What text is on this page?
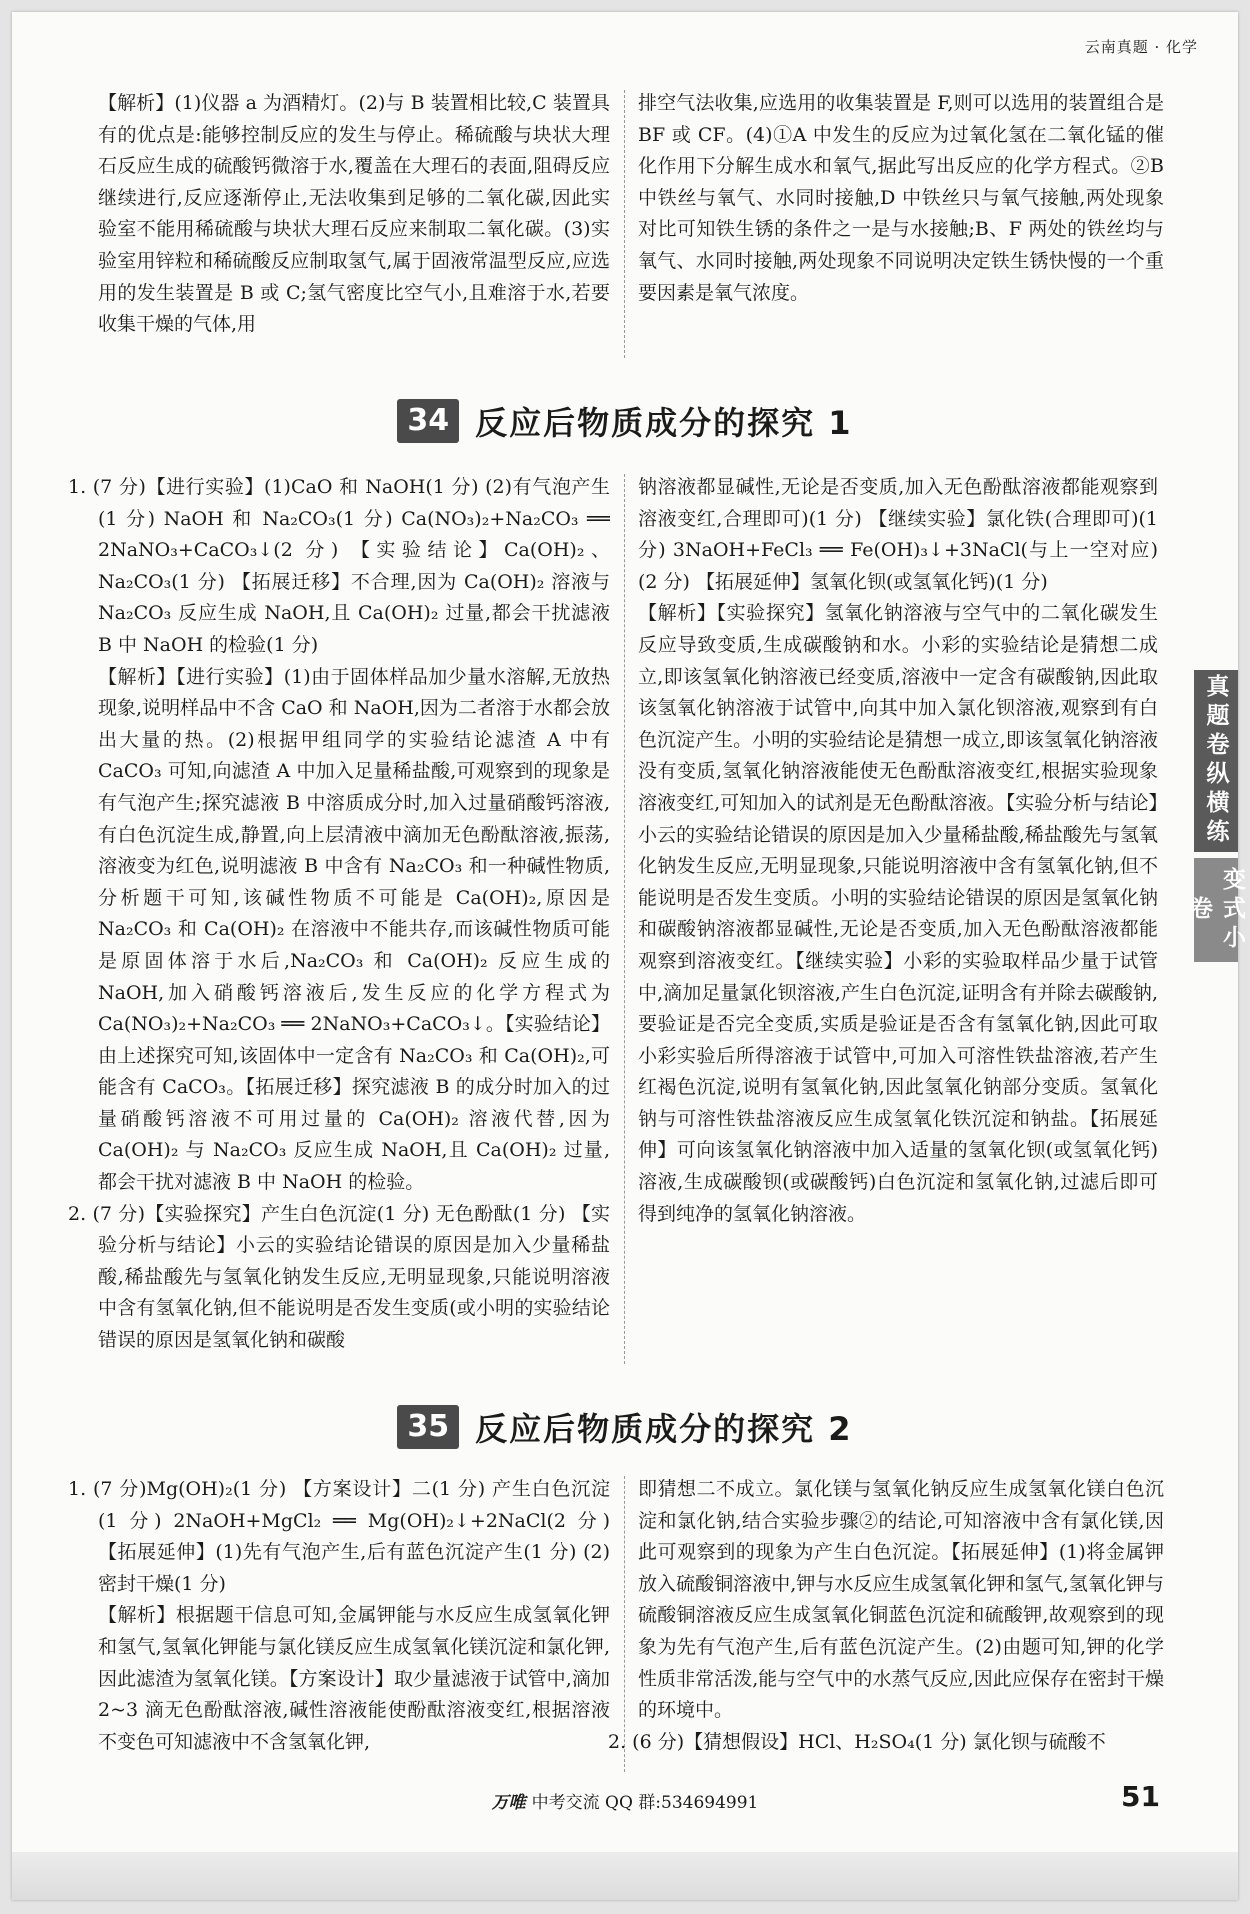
云南真题 · 化学

【解析】(1)仪器 a 为酒精灯。(2)与 B 装置相比较,C 装置具有的优点是:能够控制反应的发生与停止。稀硫酸与块状大理石反应生成的硫酸钙微溶于水,覆盖在大理石的表面,阻碍反应继续进行,反应逐渐停止,无法收集到足够的二氧化碳,因此实验室不能用稀硫酸与块状大理石反应来制取二氧化碳。(3)实验室用锌粒和稀硫酸反应制取氢气,属于固液常温型反应,应选用的发生装置是 B 或 C;氢气密度比空气小,且难溶于水,若要收集干燥的气体,用

排空气法收集,应选用的收集装置是 F,则可以选用的装置组合是 BF 或 CF。(4)①A 中发生的反应为过氧化氢在二氧化锰的催化作用下分解生成水和氧气,据此写出反应的化学方程式。②B 中铁丝与氧气、水同时接触,D 中铁丝只与氧气接触,两处现象对比可知铁生锈的条件之一是与水接触;B、F 两处的铁丝均与氧气、水同时接触,两处现象不同说明决定铁生锈快慢的一个重要因素是氧气浓度。

34 反应后物质成分的探究 1

1. (7 分)【进行实验】(1)CaO 和 NaOH(1 分) (2)有气泡产生(1 分) NaOH 和 Na₂CO₃(1 分) Ca(NO₃)₂+Na₂CO₃ ══ 2NaNO₃+CaCO₃↓(2 分) 【实验结论】Ca(OH)₂、Na₂CO₃(1 分) 【拓展迁移】不合理,因为 Ca(OH)₂ 溶液与 Na₂CO₃ 反应生成 NaOH,且 Ca(OH)₂ 过量,都会干扰滤液 B 中 NaOH 的检验(1 分)

【解析】【进行实验】(1)由于固体样品加少量水溶解,无放热现象,说明样品中不含 CaO 和 NaOH,因为二者溶于水都会放出大量的热。(2)根据甲组同学的实验结论滤渣 A 中有 CaCO₃ 可知,向滤渣 A 中加入足量稀盐酸,可观察到的现象是有气泡产生;探究滤液 B 中溶质成分时,加入过量硝酸钙溶液,有白色沉淀生成,静置,向上层清液中滴加无色酚酞溶液,振荡,溶液变为红色,说明滤液 B 中含有 Na₂CO₃ 和一种碱性物质,分析题干可知,该碱性物质不可能是 Ca(OH)₂,原因是 Na₂CO₃ 和 Ca(OH)₂ 在溶液中不能共存,而该碱性物质可能是原固体溶于水后,Na₂CO₃ 和 Ca(OH)₂ 反应生成的 NaOH,加入硝酸钙溶液后,发生反应的化学方程式为 Ca(NO₃)₂+Na₂CO₃ ══ 2NaNO₃+CaCO₃↓。【实验结论】由上述探究可知,该固体中一定含有 Na₂CO₃ 和 Ca(OH)₂,可能含有 CaCO₃。【拓展迁移】探究滤液 B 的成分时加入的过量硝酸钙溶液不可用过量的 Ca(OH)₂ 溶液代替,因为 Ca(OH)₂ 与 Na₂CO₃ 反应生成 NaOH,且 Ca(OH)₂ 过量,都会干扰对滤液 B 中 NaOH 的检验。

2. (7 分)【实验探究】产生白色沉淀(1 分) 无色酚酞(1 分) 【实验分析与结论】小云的实验结论错误的原因是加入少量稀盐酸,稀盐酸先与氢氧化钠发生反应,无明显现象,只能说明溶液中含有氢氧化钠,但不能说明是否发生变质(或小明的实验结论错误的原因是氢氧化钠和碳酸

钠溶液都显碱性,无论是否变质,加入无色酚酞溶液都能观察到溶液变红,合理即可)(1 分) 【继续实验】氯化铁(合理即可)(1 分) 3NaOH+FeCl₃ ══ Fe(OH)₃↓+3NaCl(与上一空对应)(2 分) 【拓展延伸】氢氧化钡(或氢氧化钙)(1 分)

【解析】【实验探究】氢氧化钠溶液与空气中的二氧化碳发生反应导致变质,生成碳酸钠和水。小彩的实验结论是猜想二成立,即该氢氧化钠溶液已经变质,溶液中一定含有碳酸钠,因此取该氢氧化钠溶液于试管中,向其中加入氯化钡溶液,观察到有白色沉淀产生。小明的实验结论是猜想一成立,即该氢氧化钠溶液没有变质,氢氧化钠溶液能使无色酚酞溶液变红,根据实验现象溶液变红,可知加入的试剂是无色酚酞溶液。【实验分析与结论】小云的实验结论错误的原因是加入少量稀盐酸,稀盐酸先与氢氧化钠发生反应,无明显现象,只能说明溶液中含有氢氧化钠,但不能说明是否发生变质。小明的实验结论错误的原因是氢氧化钠和碳酸钠溶液都显碱性,无论是否变质,加入无色酚酞溶液都能观察到溶液变红。【继续实验】小彩的实验取样品少量于试管中,滴加足量氯化钡溶液,产生白色沉淀,证明含有并除去碳酸钠,要验证是否完全变质,实质是验证是否含有氢氧化钠,因此可取小彩实验后所得溶液于试管中,可加入可溶性铁盐溶液,若产生红褐色沉淀,说明有氢氧化钠,因此氢氧化钠部分变质。氢氧化钠与可溶性铁盐溶液反应生成氢氧化铁沉淀和钠盐。【拓展延伸】可向该氢氧化钠溶液中加入适量的氢氧化钡(或氢氧化钙)溶液,生成碳酸钡(或碳酸钙)白色沉淀和氢氧化钠,过滤后即可得到纯净的氢氧化钠溶液。

35 反应后物质成分的探究 2

1. (7 分)Mg(OH)₂(1 分) 【方案设计】二(1 分) 产生白色沉淀(1 分) 2NaOH+MgCl₂ ══ Mg(OH)₂↓+2NaCl(2 分) 【拓展延伸】(1)先有气泡产生,后有蓝色沉淀产生(1 分) (2)密封干燥(1 分)

【解析】根据题干信息可知,金属钾能与水反应生成氢氧化钾和氢气,氢氧化钾能与氯化镁反应生成氢氧化镁沉淀和氯化钾,因此滤渣为氢氧化镁。【方案设计】取少量滤液于试管中,滴加 2~3 滴无色酚酞溶液,碱性溶液能使酚酞溶液变红,根据溶液不变色可知滤液中不含氢氧化钾,

即猜想二不成立。氯化镁与氢氧化钠反应生成氢氧化镁白色沉淀和氯化钠,结合实验步骤②的结论,可知溶液中含有氯化镁,因此可观察到的现象为产生白色沉淀。【拓展延伸】(1)将金属钾放入硫酸铜溶液中,钾与水反应生成氢氧化钾和氢气,氢氧化钾与硫酸铜溶液反应生成氢氧化铜蓝色沉淀和硫酸钾,故观察到的现象为先有气泡产生,后有蓝色沉淀产生。(2)由题可知,钾的化学性质非常活泼,能与空气中的水蒸气反应,因此应保存在密封干燥的环境中。

2. (6 分)【猜想假设】HCl、H₂SO₄(1 分) 氯化钡与硫酸不

真题卷纵横练
变式小卷
万唯 中考交流 QQ 群:534694991	51
